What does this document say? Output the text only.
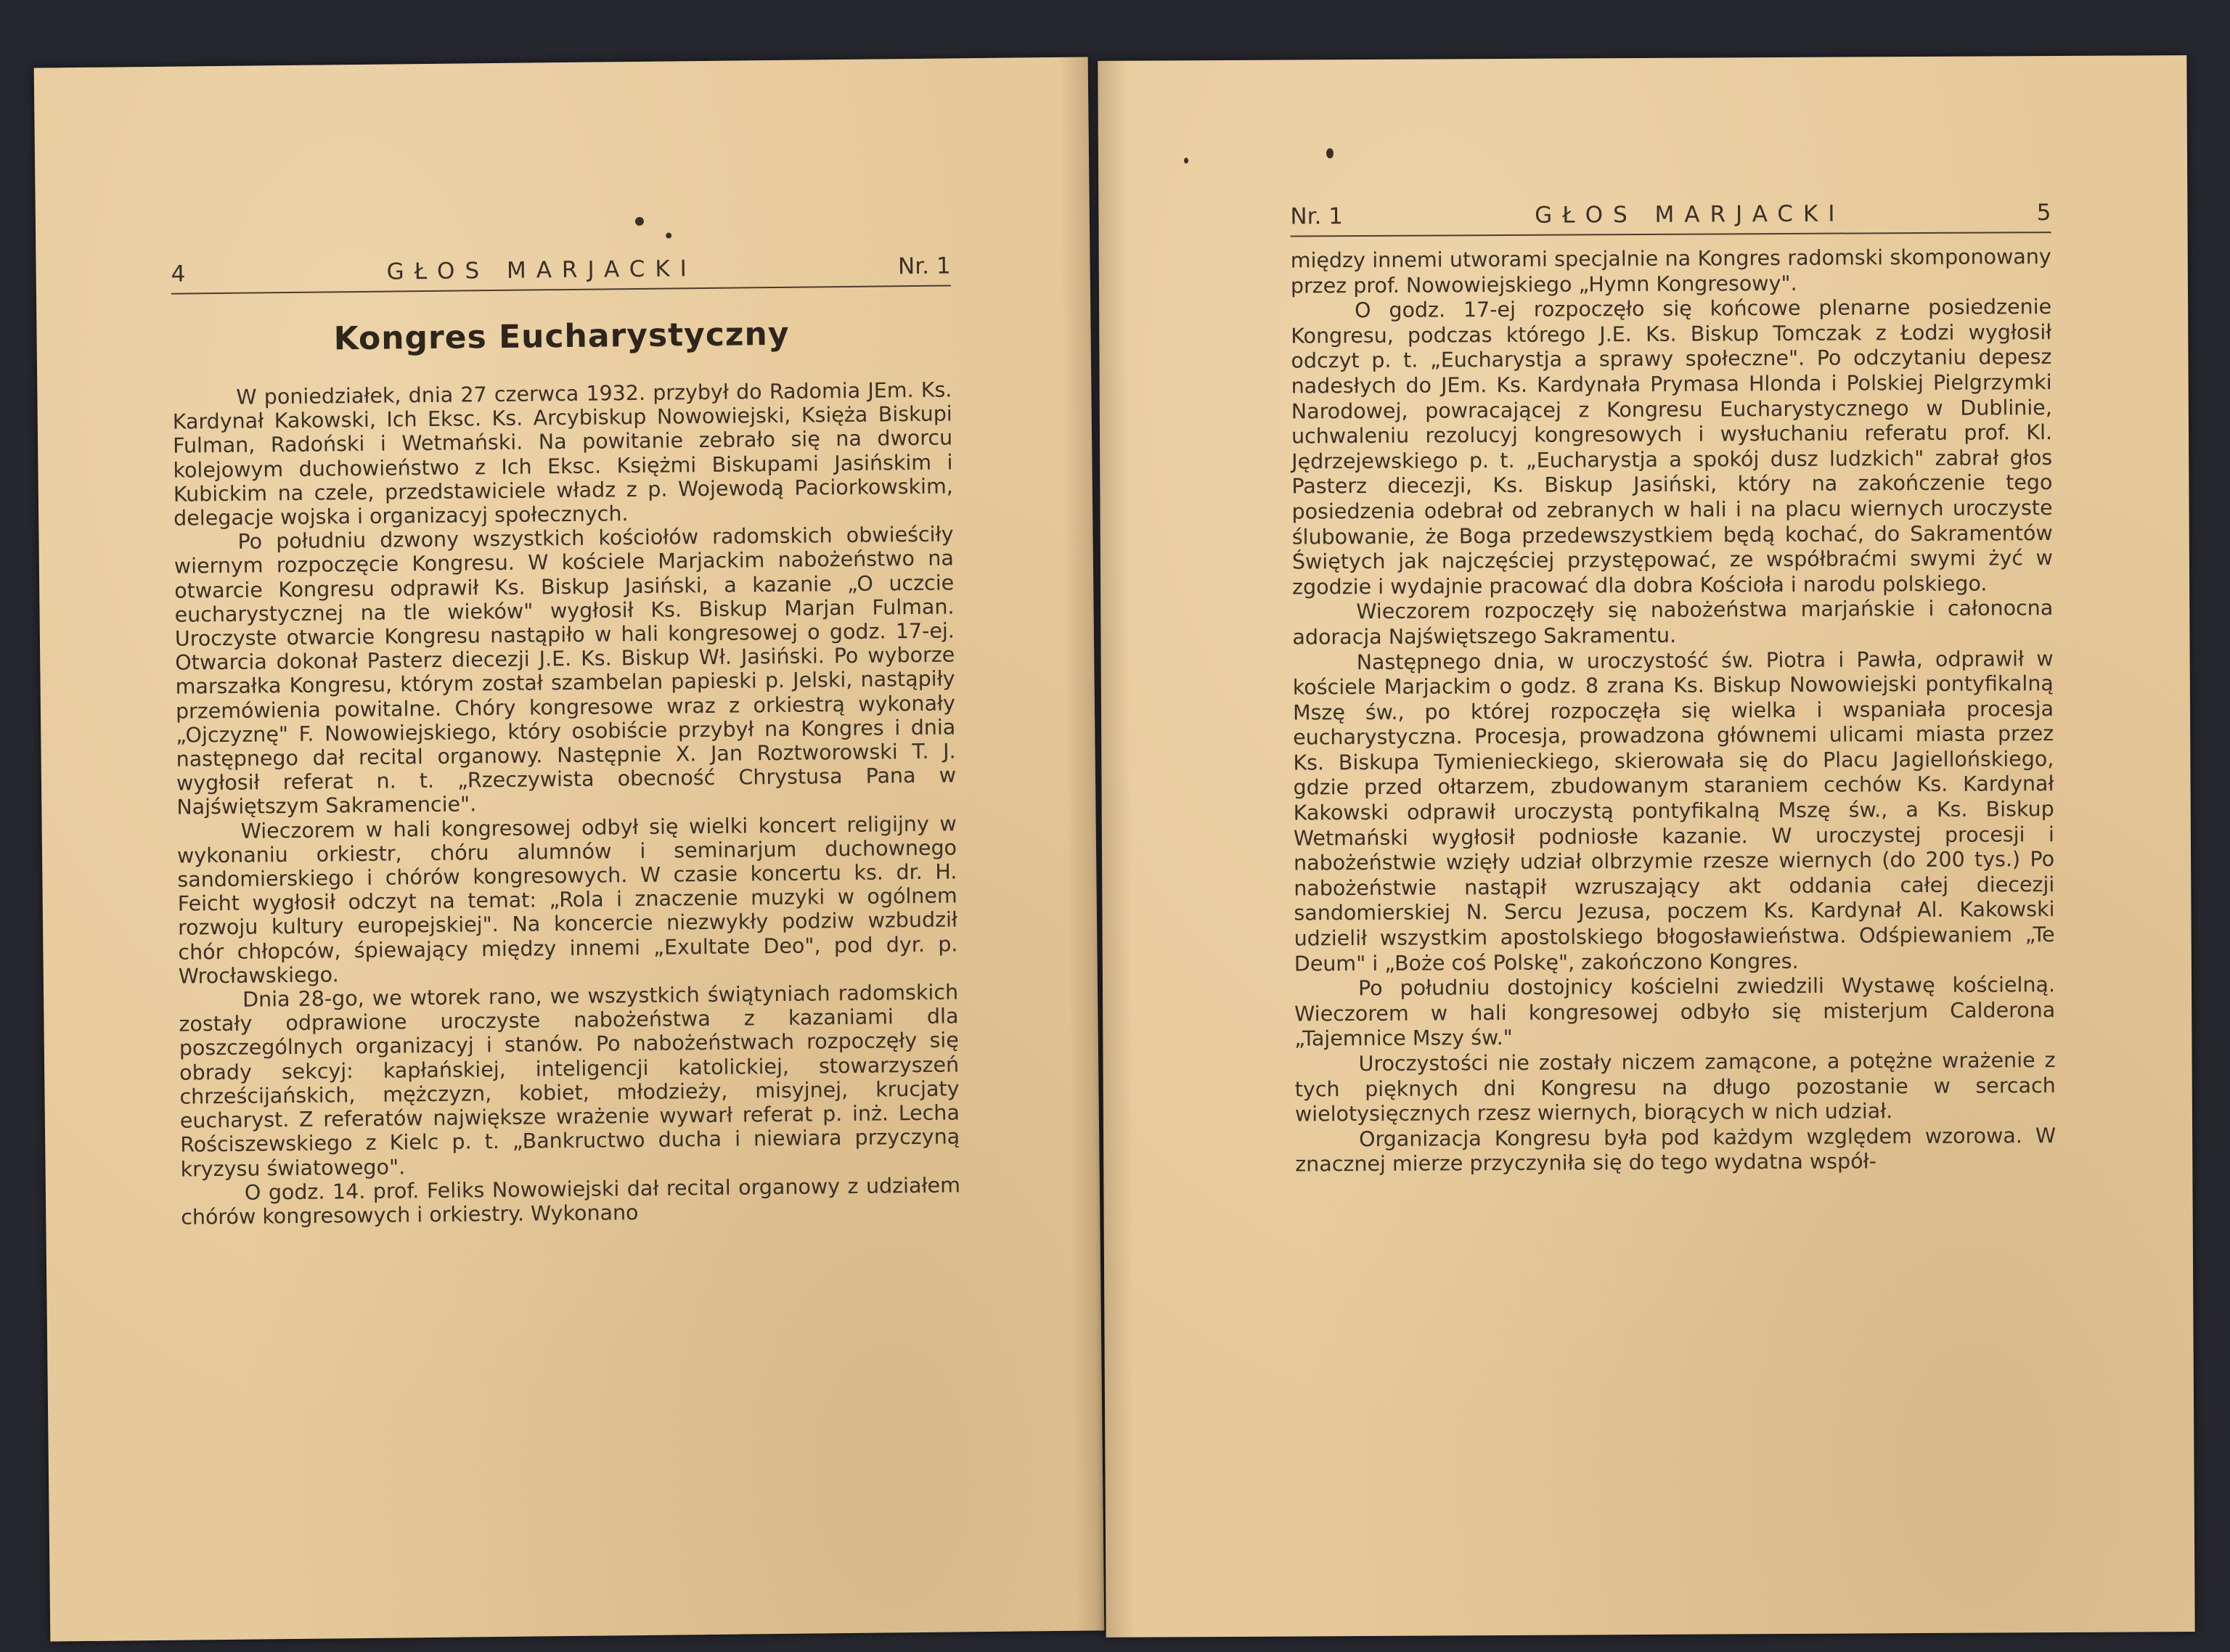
4	GŁOS MARJACKI	Nr. 1
Kongres Eucharystyczny

W poniedziałek, dnia 27 czerwca 1932. przybył do Radomia JEm. Ks. Kardynał Kakowski, Ich Eksc. Ks. Arcybiskup Nowowiejski, Księża Biskupi Fulman, Radoński i Wetmański. Na powitanie zebrało się na dworcu kolejowym duchowieństwo z Ich Eksc. Księżmi Biskupami Jasińskim i Kubickim na czele, przedstawiciele władz z p. Wojewodą Paciorkowskim, delegacje wojska i organizacyj społecznych.

Po południu dzwony wszystkich kościołów radomskich obwieściły wiernym rozpoczęcie Kongresu. W kościele Marjackim nabożeństwo na otwarcie Kongresu odprawił Ks. Biskup Jasiński, a kazanie „O uczcie eucharystycznej na tle wieków" wygłosił Ks. Biskup Marjan Fulman. Uroczyste otwarcie Kongresu nastąpiło w hali kongresowej o godz. 17-ej. Otwarcia dokonał Pasterz diecezji J.E. Ks. Biskup Wł. Jasiński. Po wyborze marszałka Kongresu, którym został szambelan papieski p. Jelski, nastąpiły przemówienia powitalne. Chóry kongresowe wraz z orkiestrą wykonały „Ojczyznę" F. Nowowiejskiego, który osobiście przybył na Kongres i dnia następnego dał recital organowy. Następnie X. Jan Roztworowski T. J. wygłosił referat n. t. „Rzeczywista obecność Chrystusa Pana w Najświętszym Sakramencie".

Wieczorem w hali kongresowej odbył się wielki koncert religijny w wykonaniu orkiestr, chóru alumnów i seminarjum duchownego sandomierskiego i chórów kongresowych. W czasie koncertu ks. dr. H. Feicht wygłosił odczyt na temat: „Rola i znaczenie muzyki w ogólnem rozwoju kultury europejskiej". Na koncercie niezwykły podziw wzbudził chór chłopców, śpiewający między innemi „Exultate Deo", pod dyr. p. Wrocławskiego.

Dnia 28-go, we wtorek rano, we wszystkich świątyniach radomskich zostały odprawione uroczyste nabożeństwa z kazaniami dla poszczególnych organizacyj i stanów. Po nabożeństwach rozpoczęły się obrady sekcyj: kapłańskiej, inteligencji katolickiej, stowarzyszeń chrześcijańskich, mężczyzn, kobiet, młodzieży, misyjnej, krucjaty eucharyst. Z referatów największe wrażenie wywarł referat p. inż. Lecha Rościszewskiego z Kielc p. t. „Bankructwo ducha i niewiara przyczyną kryzysu światowego".

O godz. 14. prof. Feliks Nowowiejski dał recital organowy z udziałem chórów kongresowych i orkiestry. Wykonano

Nr. 1	GŁOS MARJACKI	5

między innemi utworami specjalnie na Kongres radomski skomponowany przez prof. Nowowiejskiego „Hymn Kongresowy".

O godz. 17-ej rozpoczęło się końcowe plenarne posiedzenie Kongresu, podczas którego J.E. Ks. Biskup Tomczak z Łodzi wygłosił odczyt p. t. „Eucharystja a sprawy społeczne". Po odczytaniu depesz nadesłych do JEm. Ks. Kardynała Prymasa Hlonda i Polskiej Pielgrzymki Narodowej, powracającej z Kongresu Eucharystycznego w Dublinie, uchwaleniu rezolucyj kongresowych i wysłuchaniu referatu prof. Kl. Jędrzejewskiego p. t. „Eucharystja a spokój dusz ludzkich" zabrał głos Pasterz diecezji, Ks. Biskup Jasiński, który na zakończenie tego posiedzenia odebrał od zebranych w hali i na placu wiernych uroczyste ślubowanie, że Boga przedewszystkiem będą kochać, do Sakramentów Świętych jak najczęściej przystępować, ze współbraćmi swymi żyć w zgodzie i wydajnie pracować dla dobra Kościoła i narodu polskiego.

Wieczorem rozpoczęły się nabożeństwa marjańskie i całonocna adoracja Najświętszego Sakramentu.

Następnego dnia, w uroczystość św. Piotra i Pawła, odprawił w kościele Marjackim o godz. 8 zrana Ks. Biskup Nowowiejski pontyfikalną Mszę św., po której rozpoczęła się wielka i wspaniała procesja eucharystyczna. Procesja, prowadzona głównemi ulicami miasta przez Ks. Biskupa Tymienieckiego, skierowała się do Placu Jagiellońskiego, gdzie przed ołtarzem, zbudowanym staraniem cechów Ks. Kardynał Kakowski odprawił uroczystą pontyfikalną Mszę św., a Ks. Biskup Wetmański wygłosił podniosłe kazanie. W uroczystej procesji i nabożeństwie wzięły udział olbrzymie rzesze wiernych (do 200 tys.) Po nabożeństwie nastąpił wzruszający akt oddania całej diecezji sandomierskiej N. Sercu Jezusa, poczem Ks. Kardynał Al. Kakowski udzielił wszystkim apostolskiego błogosławieństwa. Odśpiewaniem „Te Deum" i „Boże coś Polskę", zakończono Kongres.

Po południu dostojnicy kościelni zwiedzili Wystawę kościelną. Wieczorem w hali kongresowej odbyło się misterjum Calderona „Tajemnice Mszy św."

Uroczystości nie zostały niczem zamącone, a potężne wrażenie z tych pięknych dni Kongresu na długo pozostanie w sercach wielotysięcznych rzesz wiernych, biorących w nich udział.

Organizacja Kongresu była pod każdym względem wzorowa. W znacznej mierze przyczyniła się do tego wydatna współ-
